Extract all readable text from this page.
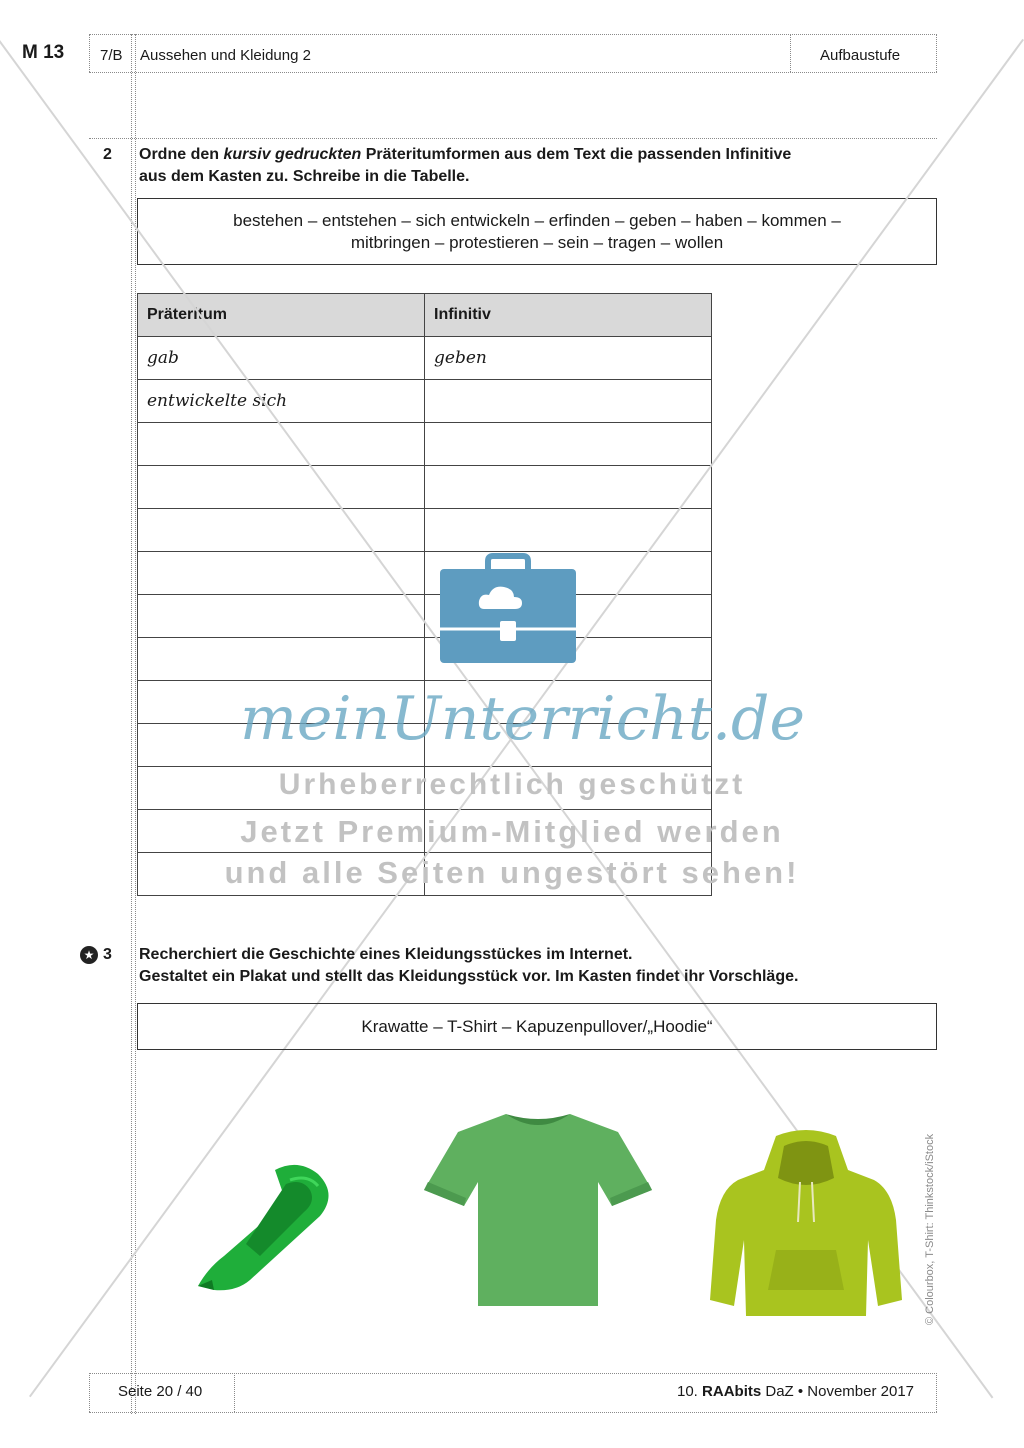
M 13 7/B Aussehen und Kleidung 2	Aufbaustufe
2 Ordne den kursiv gedruckten Präteritumformen aus dem Text die passenden Infinitive
aus dem Kasten zu. Schreibe in die Tabelle.
bestehen – entstehen – sich entwickeln – erfinden – geben – haben – kommen –
mitbringen – protestieren – sein – tragen – wollen
Präteritum	Infinitiv
gab	geben
entwickelte sich	

meinUnterricht.de
Urheberrechtlich geschützt
Jetzt Premium-Mitglied werden
und alle Seiten ungestört sehen!
★ 3 Recherchiert die Geschichte eines Kleidungsstückes im Internet.
Gestaltet ein Plakat und stellt das Kleidungsstück vor. Im Kasten findet ihr Vorschläge.
Krawatte – T-Shirt – Kapuzenpullover/„Hoodie“
© Colourbox, T-Shirt: Thinkstock/iStock
Seite 20 / 40	10. RAAbits DaZ • November 2017
